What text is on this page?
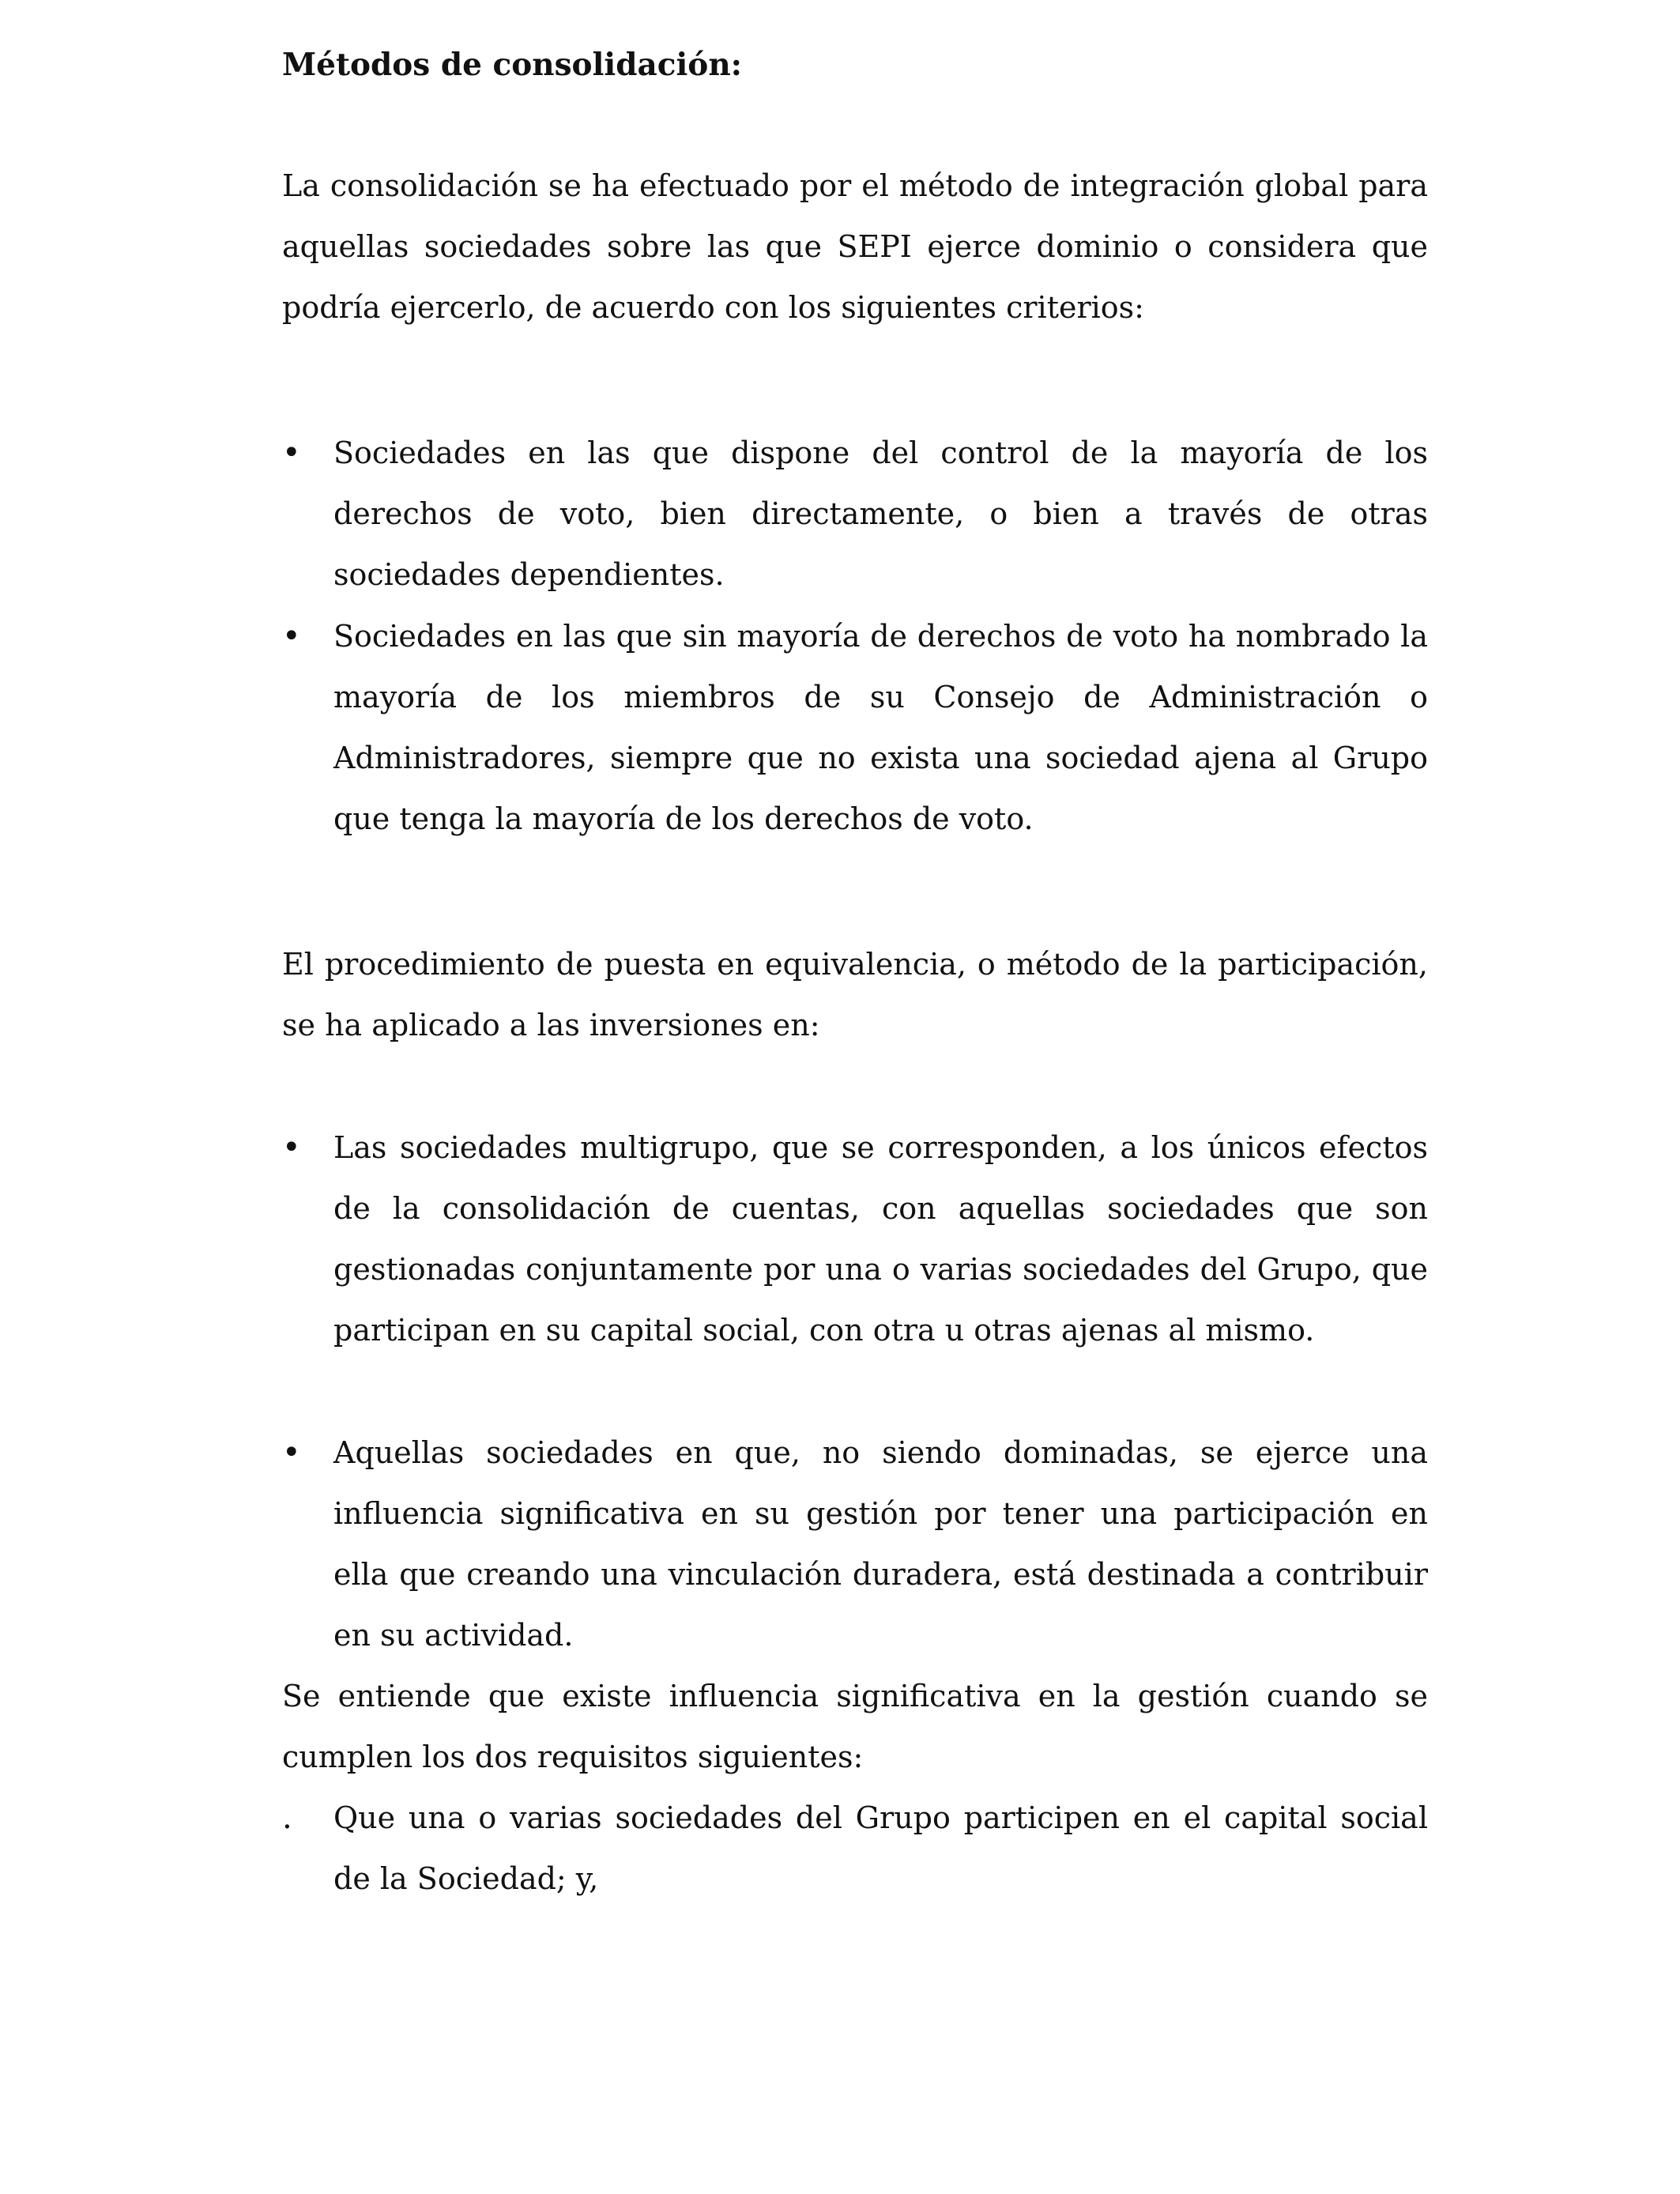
Métodos de consolidación:
La consolidación se ha efectuado por el método de integración global para aquellas sociedades sobre las que SEPI ejerce dominio o considera que podría ejercerlo, de acuerdo con los siguientes criterios:
•	Sociedades en las que dispone del control de la mayoría de los derechos de voto, bien directamente, o bien a través de otras sociedades dependientes.
•	Sociedades en las que sin mayoría de derechos de voto ha nombrado la mayoría de los miembros de su Consejo de Administración o Administradores, siempre que no exista una sociedad ajena al Grupo que tenga la mayoría de los derechos de voto.
El procedimiento de puesta en equivalencia, o método de la participación, se ha aplicado a las inversiones en:
•	Las sociedades multigrupo, que se corresponden, a los únicos efectos de la consolidación de cuentas, con aquellas sociedades que son gestionadas conjuntamente por una o varias sociedades del Grupo, que participan en su capital social, con otra u otras ajenas al mismo.
•	Aquellas sociedades en que, no siendo dominadas, se ejerce una influencia significativa en su gestión por tener una participación en ella que creando una vinculación duradera, está destinada a contribuir en su actividad.
Se entiende que existe influencia significativa en la gestión cuando se cumplen los dos requisitos siguientes:
.	Que una o varias sociedades del Grupo participen en el capital social de la Sociedad; y,
